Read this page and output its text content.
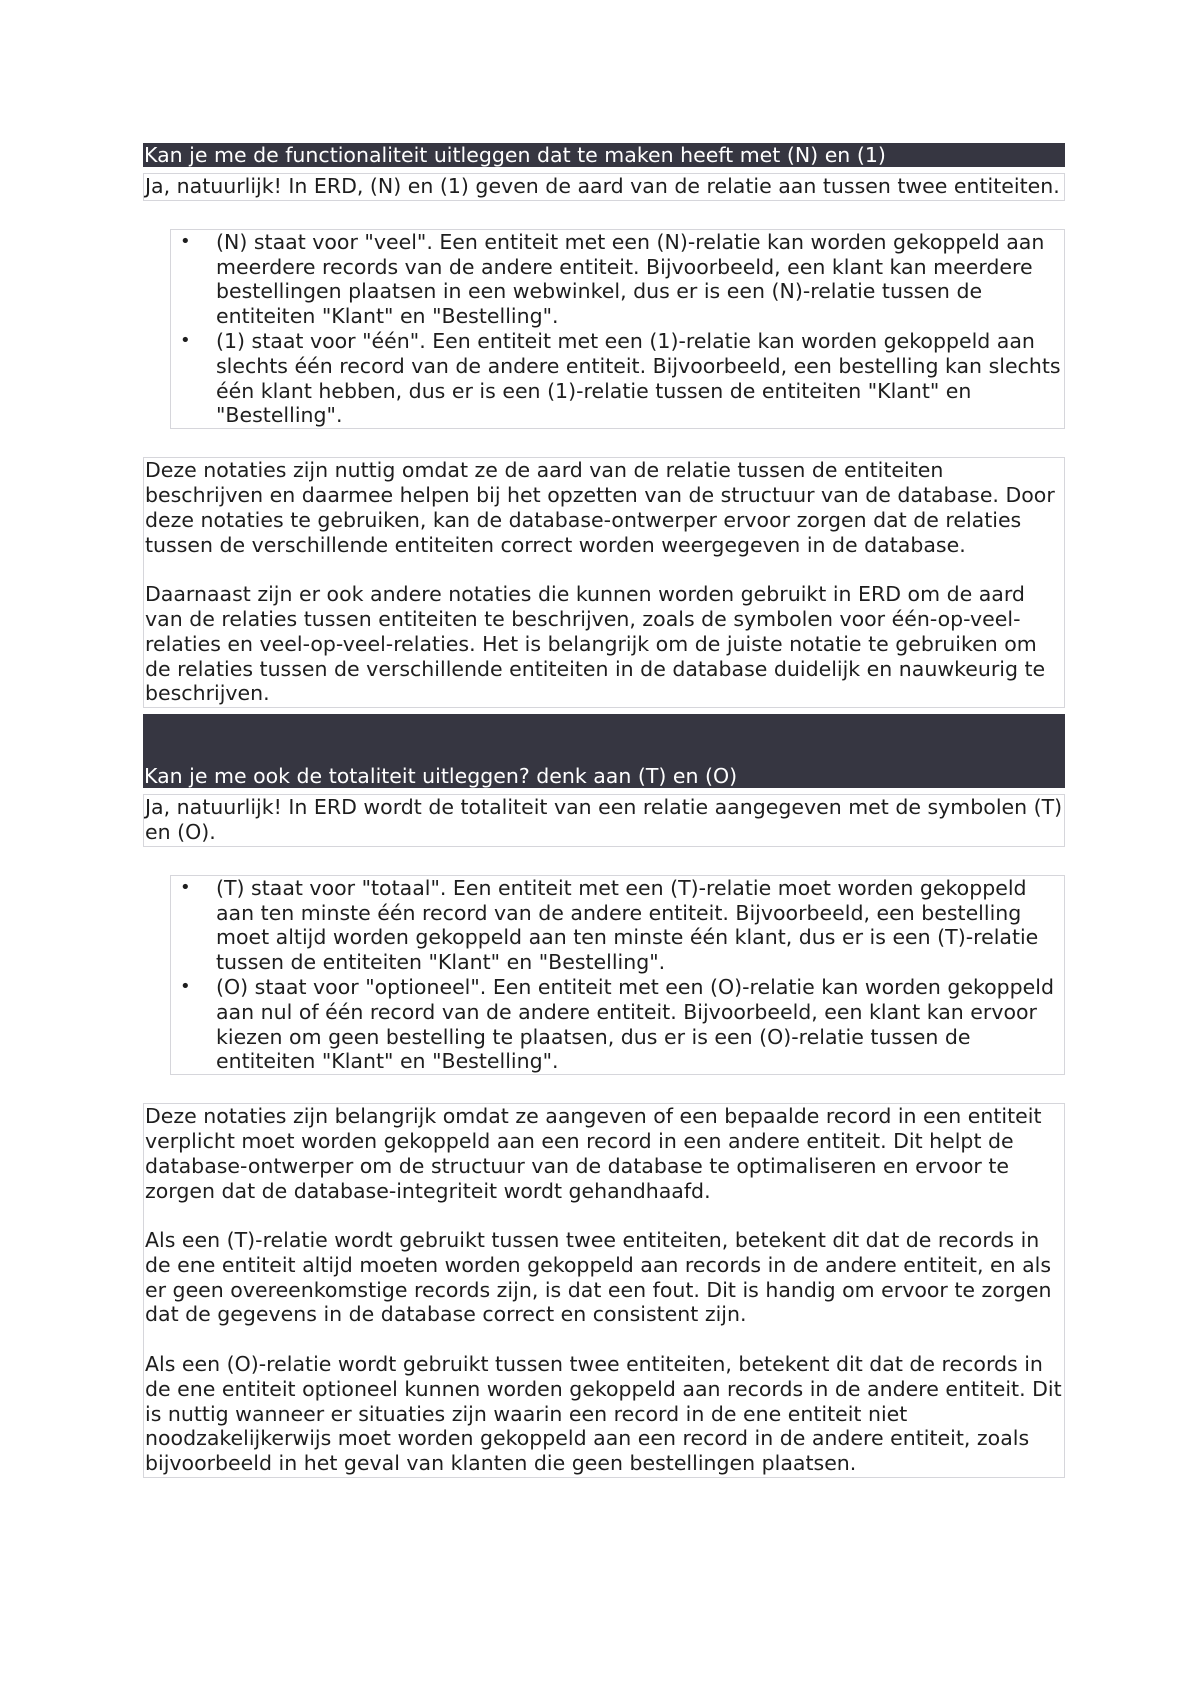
Kan je me de functionaliteit uitleggen dat te maken heeft met (N) en (1)

Ja, natuurlijk! In ERD, (N) en (1) geven de aard van de relatie aan tussen twee entiteiten.

• (N) staat voor "veel". Een entiteit met een (N)-relatie kan worden gekoppeld aan meerdere records van de andere entiteit. Bijvoorbeeld, een klant kan meerdere bestellingen plaatsen in een webwinkel, dus er is een (N)-relatie tussen de entiteiten "Klant" en "Bestelling".
• (1) staat voor "één". Een entiteit met een (1)-relatie kan worden gekoppeld aan slechts één record van de andere entiteit. Bijvoorbeeld, een bestelling kan slechts één klant hebben, dus er is een (1)-relatie tussen de entiteiten "Klant" en "Bestelling".

Deze notaties zijn nuttig omdat ze de aard van de relatie tussen de entiteiten beschrijven en daarmee helpen bij het opzetten van de structuur van de database. Door deze notaties te gebruiken, kan de database-ontwerper ervoor zorgen dat de relaties tussen de verschillende entiteiten correct worden weergegeven in de database.

Daarnaast zijn er ook andere notaties die kunnen worden gebruikt in ERD om de aard van de relaties tussen entiteiten te beschrijven, zoals de symbolen voor één-op-veel-relaties en veel-op-veel-relaties. Het is belangrijk om de juiste notatie te gebruiken om de relaties tussen de verschillende entiteiten in de database duidelijk en nauwkeurig te beschrijven.

Kan je me ook de totaliteit uitleggen? denk aan (T) en (O)

Ja, natuurlijk! In ERD wordt de totaliteit van een relatie aangegeven met de symbolen (T) en (O).

• (T) staat voor "totaal". Een entiteit met een (T)-relatie moet worden gekoppeld aan ten minste één record van de andere entiteit. Bijvoorbeeld, een bestelling moet altijd worden gekoppeld aan ten minste één klant, dus er is een (T)-relatie tussen de entiteiten "Klant" en "Bestelling".
• (O) staat voor "optioneel". Een entiteit met een (O)-relatie kan worden gekoppeld aan nul of één record van de andere entiteit. Bijvoorbeeld, een klant kan ervoor kiezen om geen bestelling te plaatsen, dus er is een (O)-relatie tussen de entiteiten "Klant" en "Bestelling".

Deze notaties zijn belangrijk omdat ze aangeven of een bepaalde record in een entiteit verplicht moet worden gekoppeld aan een record in een andere entiteit. Dit helpt de database-ontwerper om de structuur van de database te optimaliseren en ervoor te zorgen dat de database-integriteit wordt gehandhaafd.

Als een (T)-relatie wordt gebruikt tussen twee entiteiten, betekent dit dat de records in de ene entiteit altijd moeten worden gekoppeld aan records in de andere entiteit, en als er geen overeenkomstige records zijn, is dat een fout. Dit is handig om ervoor te zorgen dat de gegevens in de database correct en consistent zijn.

Als een (O)-relatie wordt gebruikt tussen twee entiteiten, betekent dit dat de records in de ene entiteit optioneel kunnen worden gekoppeld aan records in de andere entiteit. Dit is nuttig wanneer er situaties zijn waarin een record in de ene entiteit niet noodzakelijkerwijs moet worden gekoppeld aan een record in de andere entiteit, zoals bijvoorbeeld in het geval van klanten die geen bestellingen plaatsen.
